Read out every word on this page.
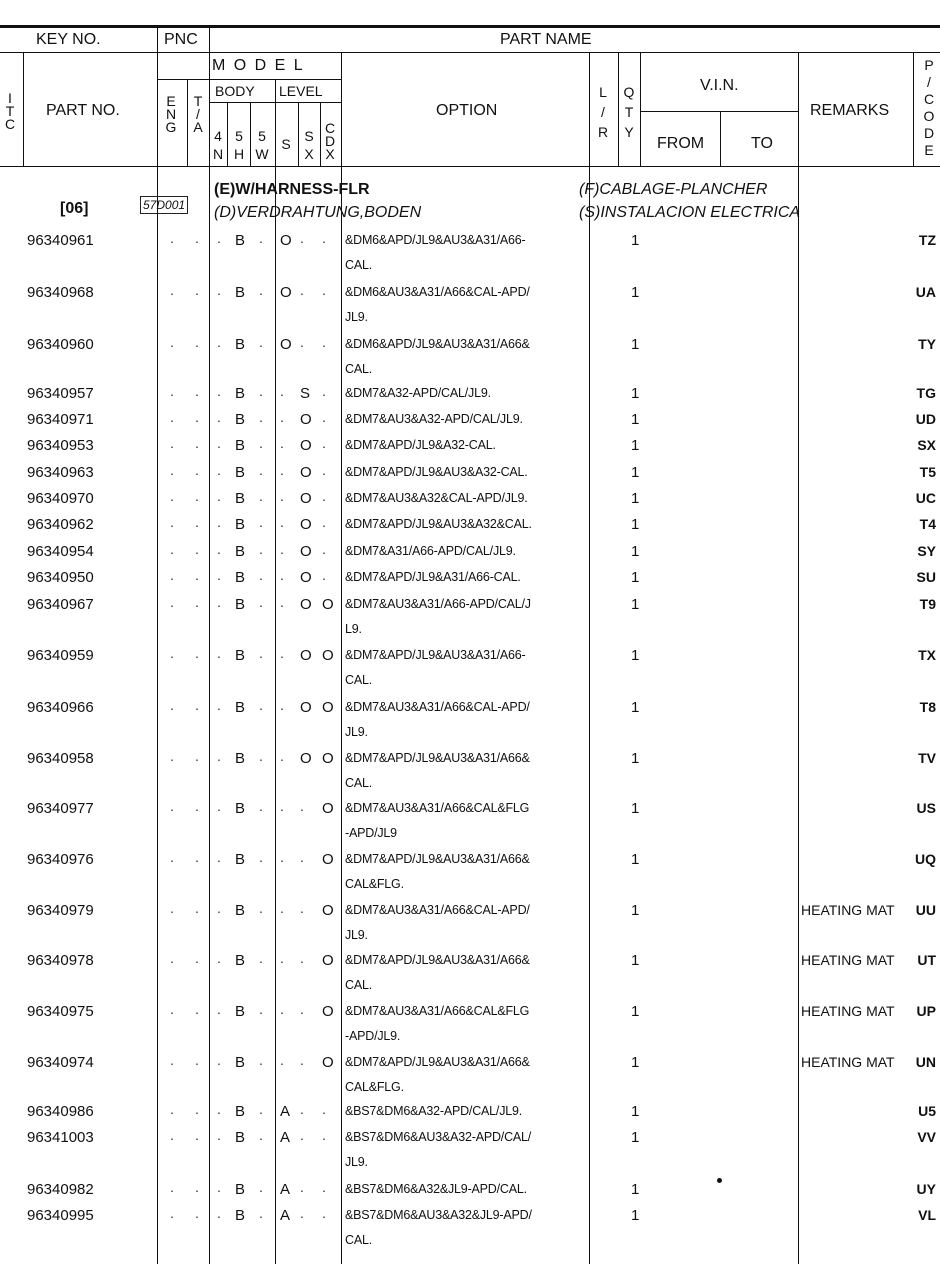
KEY NO.	PNC	PART NAME
I
T
C
PART NO.
M O D E L
E
N
G
T
/
A
BODY LEVEL
4
N
5
H
5
W
S S
X
C
D
X
OPTION
L
/
R
Q
T
Y
V.I.N.
FROM	TO
REMARKS
P
/
C
O
D
E
[06]	57D001
(E)W/HARNESS-FLR
(D)VERDRAHTUNG,BODEN
(F)CABLAGE-PLANCHER
(S)INSTALACION ELECTRICA
96340961	. . . B . O . . &DM6&APD/JL9&AU3&A31/A66-
CAL.
1	TZ
96340968	. . . B . O . . &DM6&AU3&A31/A66&CAL-APD/
JL9.
1	UA
96340960	. . . B . O . . &DM6&APD/JL9&AU3&A31/A66&
CAL.
1	TY
96340957	. . . B . . S . &DM7&A32-APD/CAL/JL9.	1	TG
96340971	. . . B . . O . &DM7&AU3&A32-APD/CAL/JL9.	1	UD
96340953	. . . B . . O . &DM7&APD/JL9&A32-CAL.	1	SX
96340963	. . . B . . O . &DM7&APD/JL9&AU3&A32-CAL.	1	T5
96340970	. . . B . . O . &DM7&AU3&A32&CAL-APD/JL9.	1	UC
96340962	. . . B . . O . &DM7&APD/JL9&AU3&A32&CAL.	1	T4
96340954	. . . B . . O . &DM7&A31/A66-APD/CAL/JL9.	1	SY
96340950	. . . B . . O . &DM7&APD/JL9&A31/A66-CAL.	1	SU
96340967	. . . B . . O O &DM7&AU3&A31/A66-APD/CAL/J
L9.
1	T9
96340959	. . . B . . O O &DM7&APD/JL9&AU3&A31/A66-
CAL.
1	TX
96340966	. . . B . . O O &DM7&AU3&A31/A66&CAL-APD/
JL9.
1	T8
96340958	. . . B . . O O &DM7&APD/JL9&AU3&A31/A66&
CAL.
1	TV
96340977	. . . B . . . O &DM7&AU3&A31/A66&CAL&FLG
-APD/JL9
1	US
96340976	. . . B . . . O &DM7&APD/JL9&AU3&A31/A66&
CAL&FLG.
1	UQ
96340979	. . . B . . . O &DM7&AU3&A31/A66&CAL-APD/
JL9.
1	HEATING MAT UU
96340978	. . . B . . . O &DM7&APD/JL9&AU3&A31/A66&
CAL.
1	HEATING MAT	UT
96340975	. . . B . . . O &DM7&AU3&A31/A66&CAL&FLG
-APD/JL9.
1	HEATING MAT	UP
96340974	. . . B . . . O &DM7&APD/JL9&AU3&A31/A66&
CAL&FLG.
1	HEATING MAT UN
96340986	. . . B . A . . &BS7&DM6&A32-APD/CAL/JL9.	1	U5
96341003	. . . B . A . . &BS7&DM6&AU3&A32-APD/CAL/
JL9.
1	VV
96340982	. . . B . A . . &BS7&DM6&A32&JL9-APD/CAL.	1	UY
96340995	. . . B . A . . &BS7&DM6&AU3&A32&JL9-APD/
CAL.
1	VL
